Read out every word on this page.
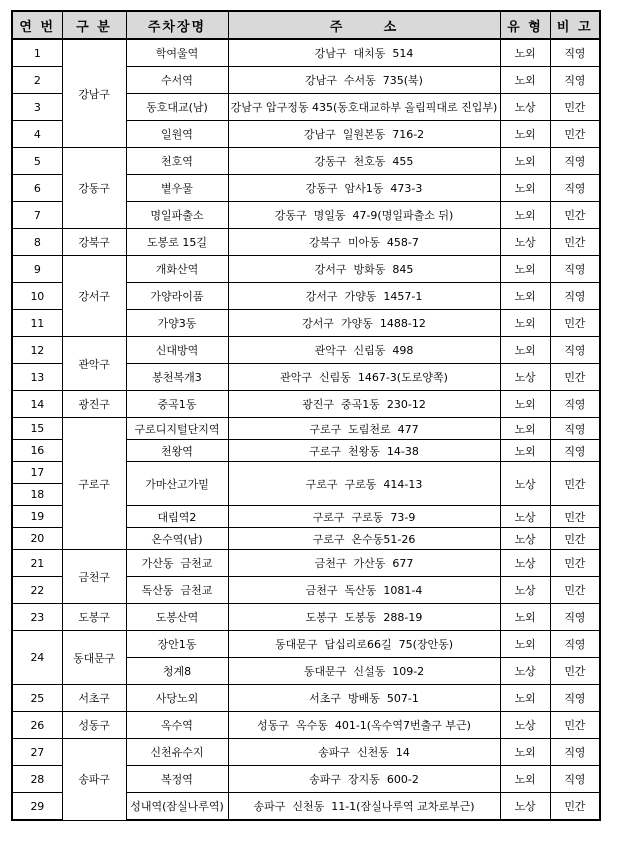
연 번	구 분	주차장명	주      소	유 형	비 고
1	강남구	학여울역	강남구  대치동  514	노외	직영
2		수서역	강남구  수서동  735(북)	노외	직영
3		동호대교(남)	강남구 압구정동 435(동호대교하부 올림픽대로 진입부)	노상	민간
4		일원역	강남구  일원본동  716-2	노외	민간
5	강동구	천호역	강동구  천호동  455	노외	직영
6		볕우물	강동구  암사1동  473-3	노외	직영
7		명일파출소	강동구  명일동  47-9(명일파출소 뒤)	노외	민간
8	강북구	도봉로 15길	강북구  미아동  458-7	노상	민간
9	강서구	개화산역	강서구  방화동  845	노외	직영
10		가양라이품	강서구  가양동  1457-1	노외	직영
11		가양3동	강서구  가양동  1488-12	노외	민간
12	관악구	신대방역	관악구  신림동  498	노외	직영
13		봉천복개3	관악구  신림동  1467-3(도로양쪽)	노상	민간
14	광진구	중곡1동	광진구  중곡1동  230-12	노외	직영
15	구로구	구로디지털단지역	구로구  도림천로  477	노외	직영
16		천왕역	구로구  천왕동  14-38	노외	직영
17		가마산고가밑	구로구  구로동  414-13	노상	민간
18					
19		대림역2	구로구  구로동  73-9	노상	민간
20		온수역(남)	구로구  온수동51-26	노상	민간
21	금천구	가산동  금천교	금천구  가산동  677	노상	민간
22		독산동  금천교	금천구  독산동  1081-4	노상	민간
23	도봉구	도봉산역	도봉구  도봉동  288-19	노외	직영
24	동대문구	장안1동	동대문구  답십리로66길  75(장안동)	노외	직영
		청계8	동대문구  신설동  109-2	노상	민간
25	서초구	사당노외	서초구  방배동  507-1	노외	직영
26	성동구	옥수역	성동구  옥수동  401-1(옥수역7번출구 부근)	노상	민간
27	송파구	신천유수지	송파구  신천동  14	노외	직영
28		복정역	송파구  장지동  600-2	노외	직영
29		성내역(잠실나루역)	송파구  신천동  11-1(잠실나루역 교차로부근)	노상	민간
